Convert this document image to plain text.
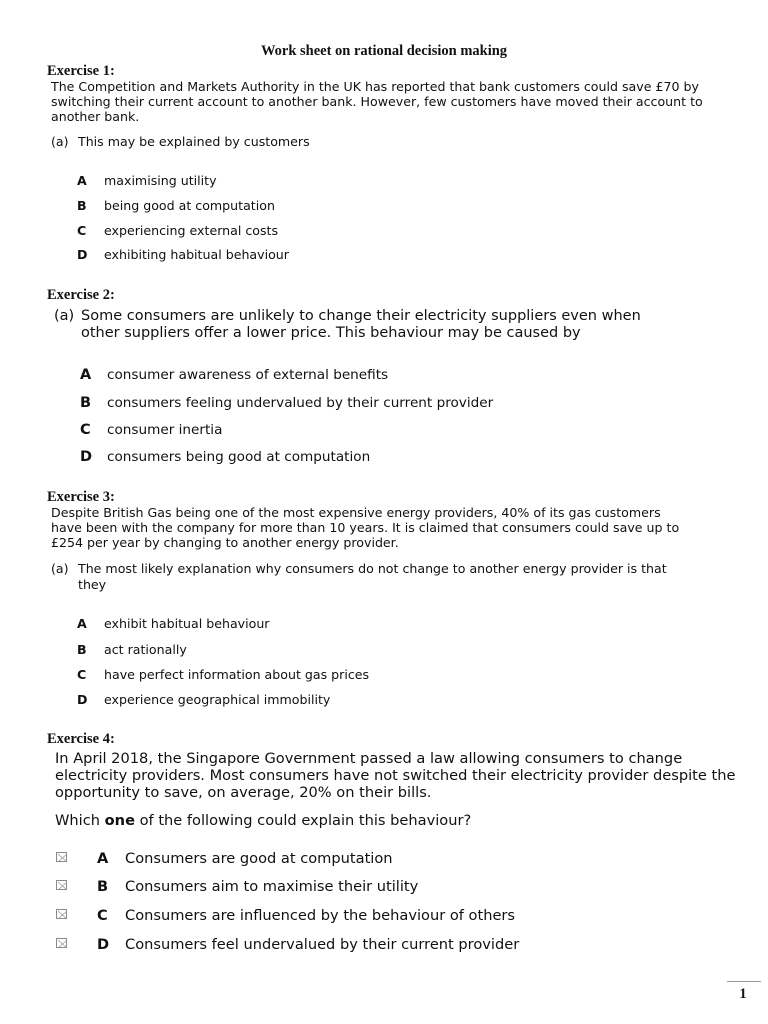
Work sheet on rational decision making
Exercise 1:

The Competition and Markets Authority in the UK has reported that bank customers could save £70 by switching their current account to another bank. However, few customers have moved their account to another bank.

(a) This may be explained by customers
A maximising utility
B being good at computation
C experiencing external costs
D exhibiting habitual behaviour
Exercise 2:
(a) Some consumers are unlikely to change their electricity suppliers even when other suppliers offer a lower price. This behaviour may be caused by
A consumer awareness of external benefits
B consumers feeling undervalued by their current provider
C consumer inertia
D consumers being good at computation
Exercise 3:

Despite British Gas being one of the most expensive energy providers, 40% of its gas customers have been with the company for more than 10 years. It is claimed that consumers could save up to £254 per year by changing to another energy provider.

(a) The most likely explanation why consumers do not change to another energy provider is that they
A exhibit habitual behaviour
B act rationally
C have perfect information about gas prices
D experience geographical immobility
Exercise 4:

In April 2018, the Singapore Government passed a law allowing consumers to change electricity providers. Most consumers have not switched their electricity provider despite the opportunity to save, on average, 20% on their bills.

Which one of the following could explain this behaviour?
A Consumers are good at computation
B Consumers aim to maximise their utility
C Consumers are influenced by the behaviour of others
D Consumers feel undervalued by their current provider
1
